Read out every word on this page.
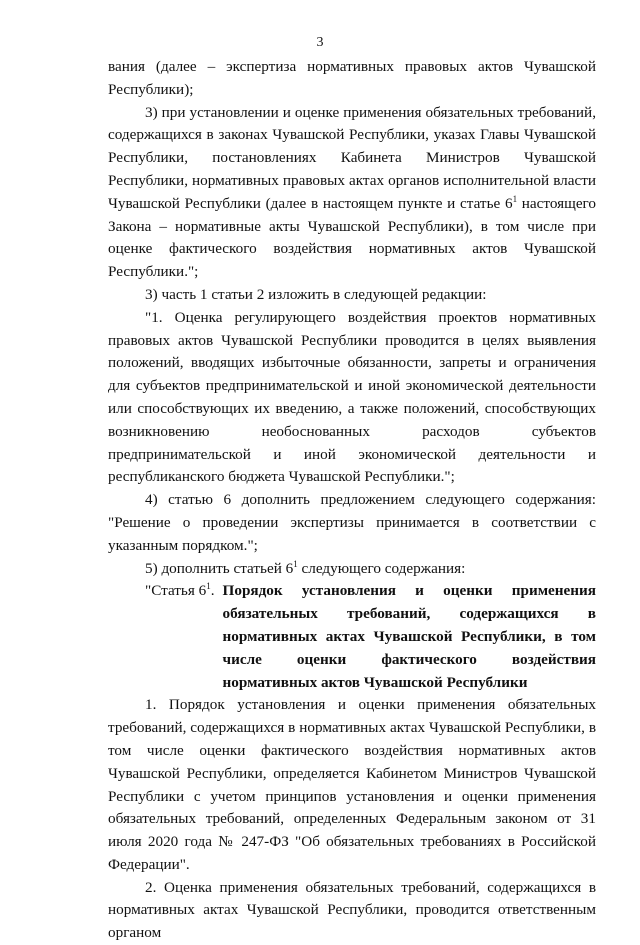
3

вания (далее – экспертиза нормативных правовых актов Чувашской Республики);

3) при установлении и оценке применения обязательных требований, содержащихся в законах Чувашской Республики, указах Главы Чувашской Республики, постановлениях Кабинета Министров Чувашской Республики, нормативных правовых актах органов исполнительной власти Чувашской Республики (далее в настоящем пункте и статье $6^1$ настоящего Закона – нормативные акты Чувашской Республики), в том числе при оценке фактического воздействия нормативных актов Чувашской Республики.";

3) часть 1 статьи 2 изложить в следующей редакции:

"1. Оценка регулирующего воздействия проектов нормативных правовых актов Чувашской Республики проводится в целях выявления положений, вводящих избыточные обязанности, запреты и ограничения для субъектов предпринимательской и иной экономической деятельности или способствующих их введению, а также положений, способствующих возникновению необоснованных расходов субъектов предпринимательской и иной экономической деятельности и республиканского бюджета Чувашской Республики.";

4) статью 6 дополнить предложением следующего содержания: "Решение о проведении экспертизы принимается в соответствии с указанным порядком.";

5) дополнить статьей $6^1$ следующего содержания:

"Статья $6^1$. Порядок установления и оценки применения обязательных требований, содержащихся в нормативных актах Чувашской Республики, в том числе оценки фактического воздействия нормативных актов Чувашской Республики

1. Порядок установления и оценки применения обязательных требований, содержащихся в нормативных актах Чувашской Республики, в том числе оценки фактического воздействия нормативных актов Чувашской Республики, определяется Кабинетом Министров Чувашской Республики с учетом принципов установления и оценки применения обязательных требований, определенных Федеральным законом от 31 июля 2020 года № 247-ФЗ "Об обязательных требованиях в Российской Федерации".

2. Оценка применения обязательных требований, содержащихся в нормативных актах Чувашской Республики, проводится ответственным органом
